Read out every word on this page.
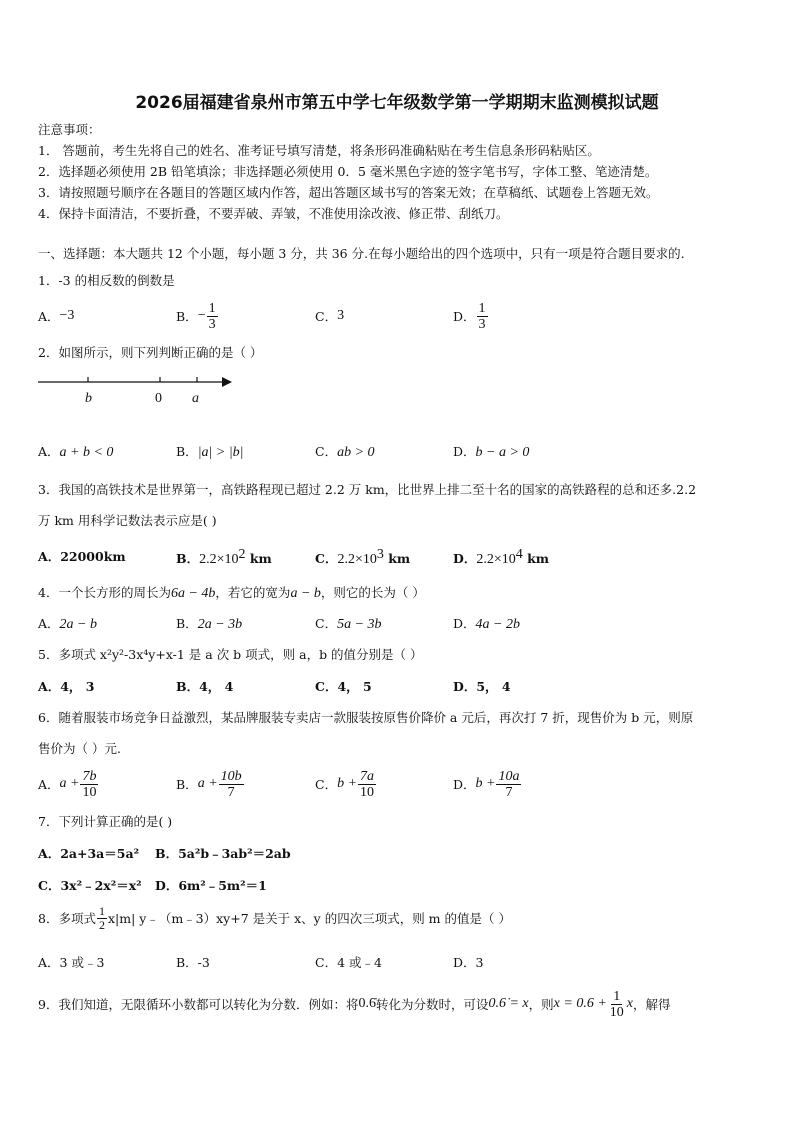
2026届福建省泉州市第五中学七年级数学第一学期期末监测模拟试题
注意事项：
1． 答题前，考生先将自己的姓名、准考证号填写清楚，将条形码准确粘贴在考生信息条形码粘贴区。
2．选择题必须使用 2B 铅笔填涂；非选择题必须使用 0．5 毫米黑色字迹的签字笔书写，字体工整、笔迹清楚。
3．请按照题号顺序在各题目的答题区域内作答，超出答题区域书写的答案无效；在草稿纸、试题卷上答题无效。
4．保持卡面清洁，不要折叠，不要弄破、弄皱，不准使用涂改液、修正带、刮纸刀。
一、选择题：本大题共 12 个小题，每小题 3 分，共 36 分.在每小题给出的四个选项中，只有一项是符合题目要求的.
1．-3 的相反数的倒数是
A． −3	B． − $\frac{1}{3}$	C． 3	D． $\frac{1}{3}$
2．如图所示，则下列判断正确的是（ ）
b	0 a
A．a + b < 0	B．|a| > |b|	C．ab > 0	D．b − a > 0
3．我国的高铁技术是世界第一，高铁路程现已超过 2.2 万 km，比世界上排二至十名的国家的高铁路程的总和还多.2.2
万 km 用科学记数法表示应是( )
A．22000km	B．$2.2\times 10^2$ km	C．$2.2\times 10^3$ km	D．$2.2\times 10^4$ km
4．一个长方形的周长为6a − 4b，若它的宽为a − b，则它的长为（ ）
A．2a − b	B．2a − 3b	C．5a − 3b	D．4a − 2b
5．多项式 x²y²-3x⁴y+x-1 是 a 次 b 项式，则 a，b 的值分别是（ ）
A．4， 3	B．4， 4	C．4， 5	D．5， 4
6．随着服装市场竞争日益激烈，某品牌服装专卖店一款服装按原售价降价 a 元后，再次打 7 折，现售价为 b 元，则原
售价为（ ）元.
A． $a + \frac{7b}{10}$	B． $a + \frac{10b}{7}$	C． $b + \frac{7a}{10}$	D． $b + \frac{10a}{7}$
7．下列计算正确的是( )
A．2a+3a＝5a² B．5a²b﹣3ab²＝2ab
C．3x²﹣2x²＝x² D．6m²﹣5m²＝1
8．多项式 $\frac{1}{2} x|m|$ y﹣（m﹣3）xy+7 是关于 x、y 的四次三项式，则 m 的值是（ ）
A．3 或﹣3	B．-3	C．4 或﹣4	D．3
9．我们知道，无限循环小数都可以转化为分数．例如：将 0.6̇ 转化为分数时，可设 0.6̇ = x ，则 $x = 0.6 + \frac{1}{10}$ x ，解得
